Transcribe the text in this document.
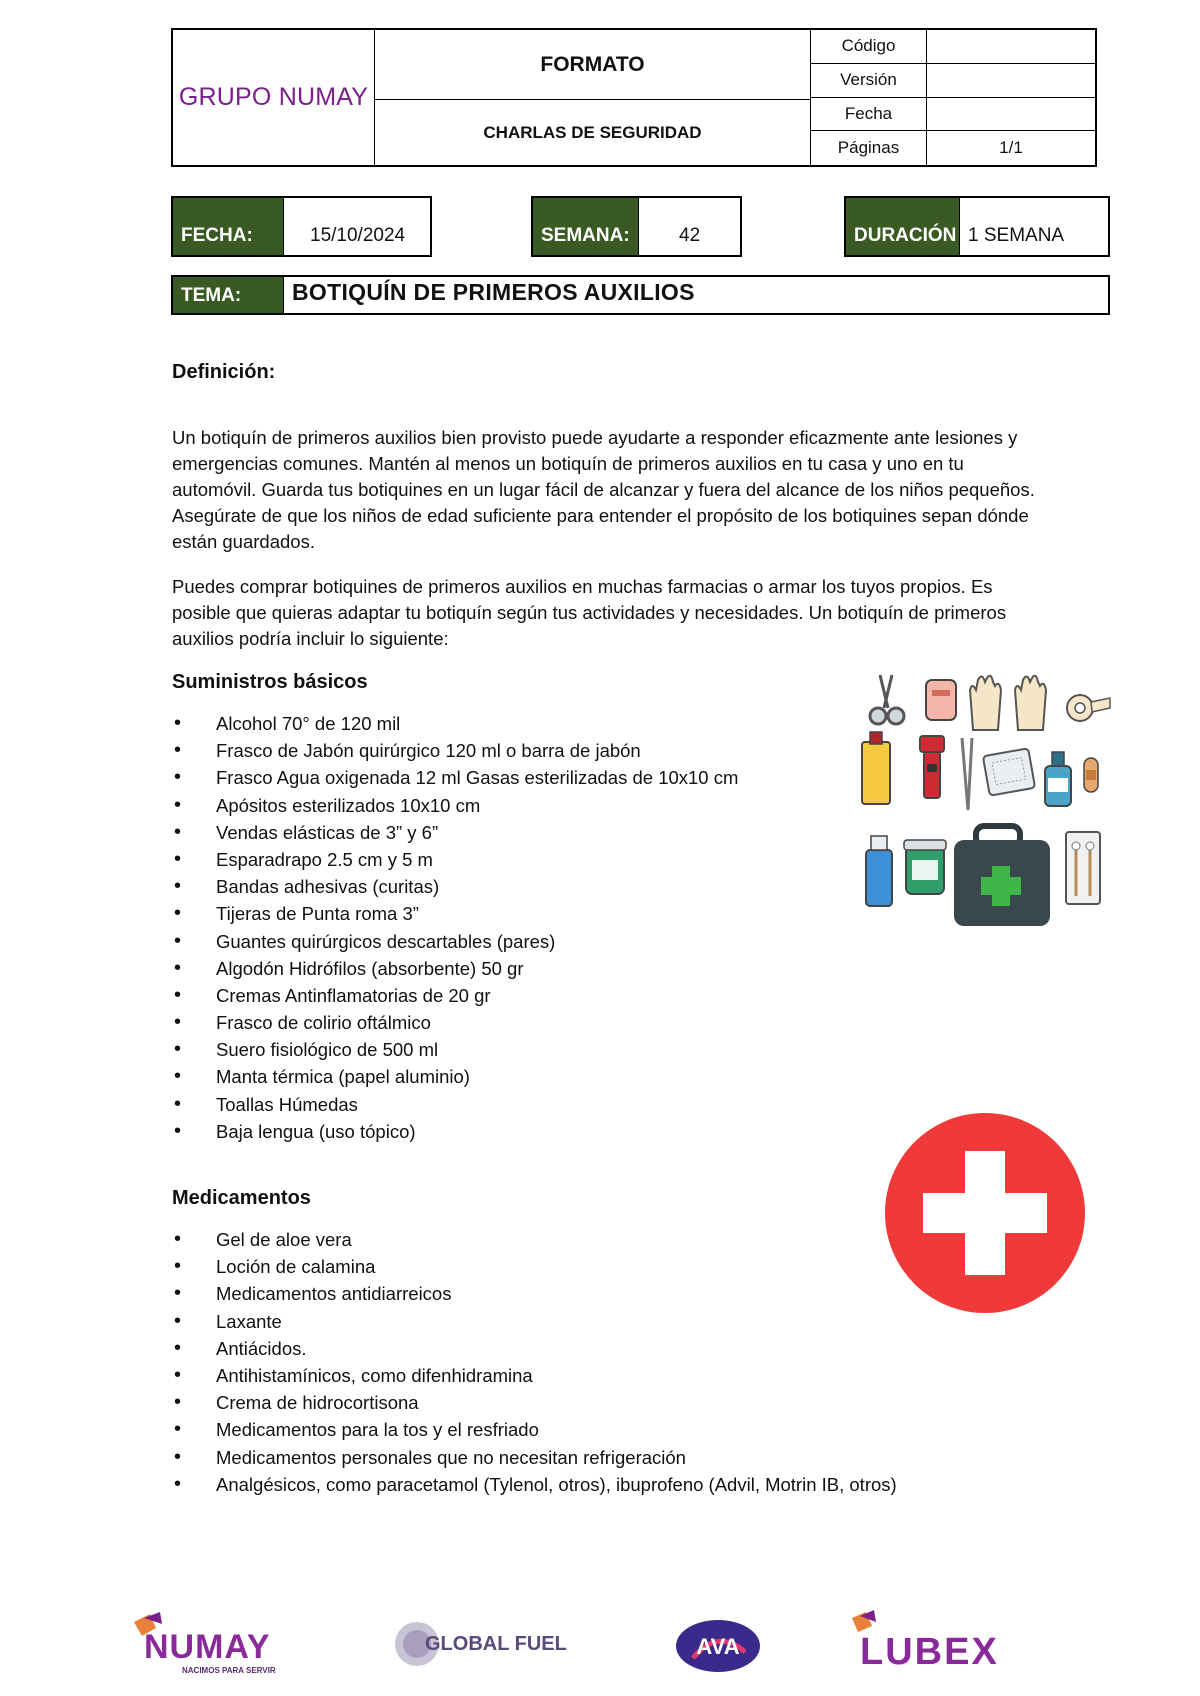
GRUPO NUMAY
FORMATO
CHARLAS DE SEGURIDAD
Código
Versión
Fecha
Páginas	1/1
FECHA:	15/10/2024	SEMANA:	42	DURACIÓN 1 SEMANA
TEMA:	BOTIQUÍN DE PRIMEROS AUXILIOS
Definición:

Un botiquín de primeros auxilios bien provisto puede ayudarte a responder eficazmente ante lesiones y emergencias comunes. Mantén al menos un botiquín de primeros auxilios en tu casa y uno en tu automóvil. Guarda tus botiquines en un lugar fácil de alcanzar y fuera del alcance de los niños pequeños. Asegúrate de que los niños de edad suficiente para entender el propósito de los botiquines sepan dónde están guardados.

Puedes comprar botiquines de primeros auxilios en muchas farmacias o armar los tuyos propios. Es posible que quieras adaptar tu botiquín según tus actividades y necesidades. Un botiquín de primeros auxilios podría incluir lo siguiente:

Suministros básicos
• Alcohol 70° de 120 mil
• Frasco de Jabón quirúrgico 120 ml o barra de jabón
• Frasco Agua oxigenada 12 ml Gasas esterilizadas de 10x10 cm
• Apósitos esterilizados 10x10 cm
• Vendas elásticas de 3” y 6”
• Esparadrapo 2.5 cm y 5 m
• Bandas adhesivas (curitas)
• Tijeras de Punta roma 3”
• Guantes quirúrgicos descartables (pares)
• Algodón Hidrófilos (absorbente) 50 gr
• Cremas Antinflamatorias de 20 gr
• Frasco de colirio oftálmico
• Suero fisiológico de 500 ml
• Manta térmica (papel aluminio)
• Toallas Húmedas
• Baja lengua (uso tópico)
Medicamentos
• Gel de aloe vera
• Loción de calamina
• Medicamentos antidiarreicos
• Laxante
• Antiácidos.
• Antihistamínicos, como difenhidramina
• Crema de hidrocortisona
• Medicamentos para la tos y el resfriado
• Medicamentos personales que no necesitan refrigeración
• Analgésicos, como paracetamol (Tylenol, otros), ibuprofeno (Advil, Motrin IB, otros)
NUMAY
NACIMOS PARA SERVIR
GLOBAL FUEL	AVA	LUBEX
